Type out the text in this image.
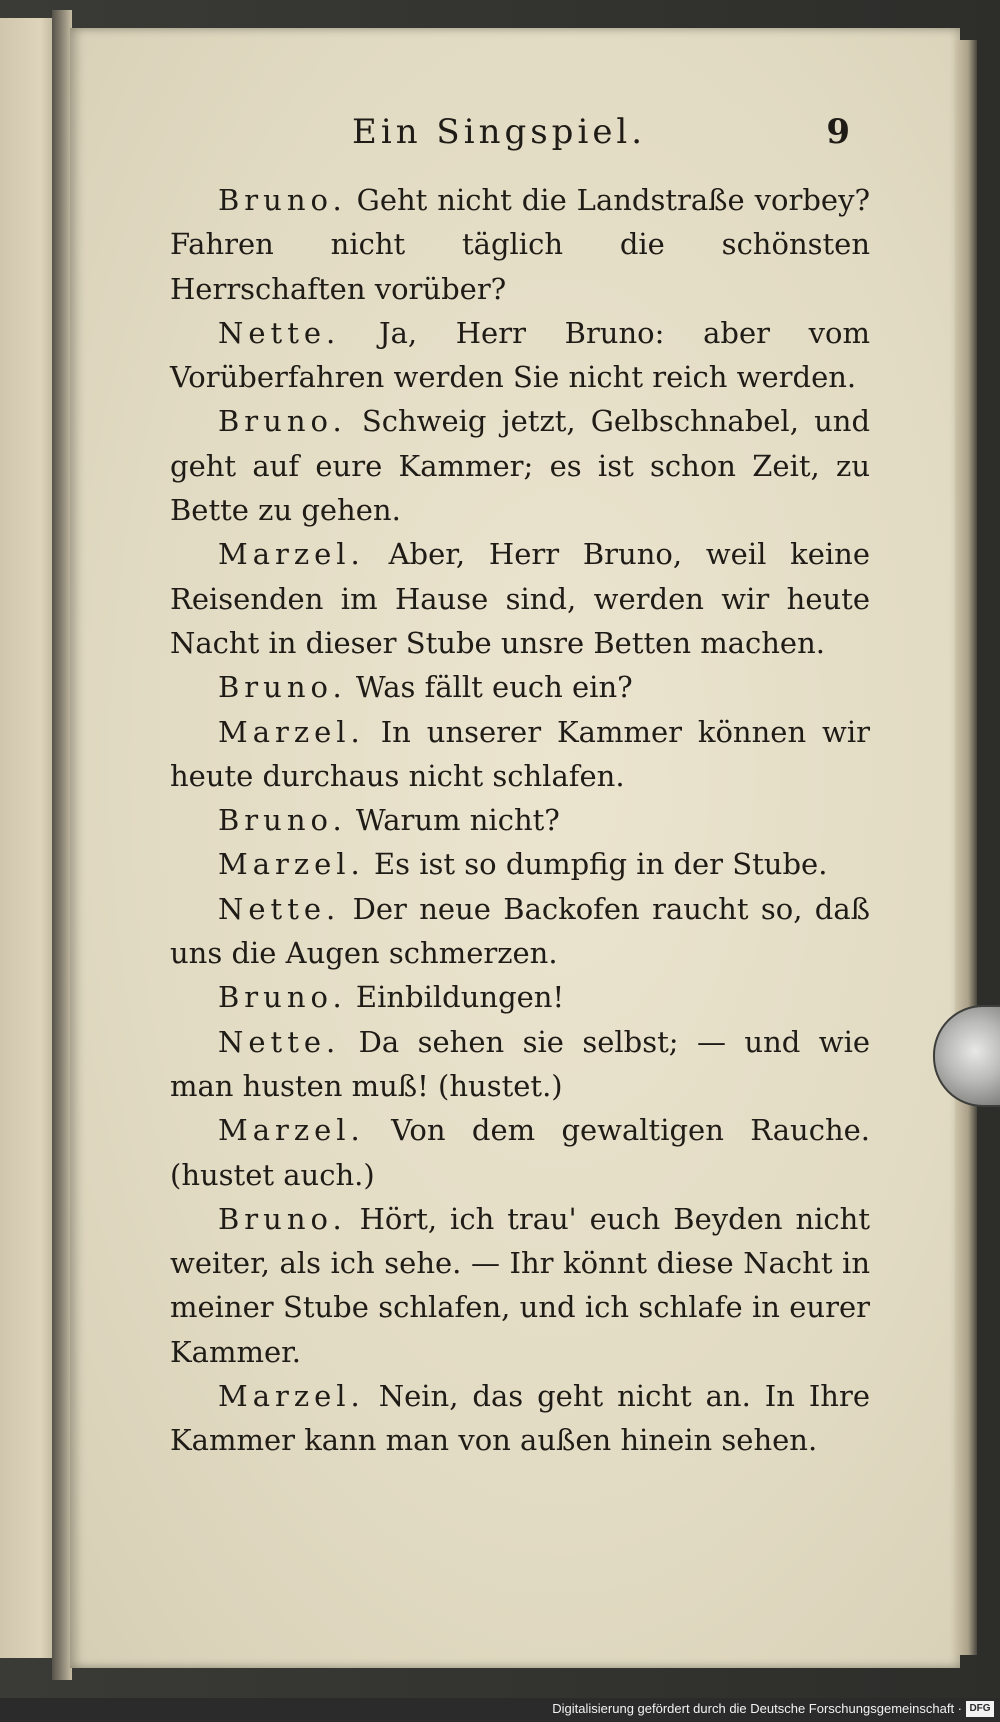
Ein Singspiel.	9

Bruno. Geht nicht die Landstraße vorbey? Fahren nicht täglich die schönsten Herrschaften vorüber?

Nette. Ja, Herr Bruno: aber vom Vorüberfahren werden Sie nicht reich werden.

Bruno. Schweig jetzt, Gelbschnabel, und geht auf eure Kammer; es ist schon Zeit, zu Bette zu gehen.

Marzel. Aber, Herr Bruno, weil keine Reisenden im Hause sind, werden wir heute Nacht in dieser Stube unsre Betten machen.

Bruno. Was fällt euch ein?

Marzel. In unserer Kammer können wir heute durchaus nicht schlafen.

Bruno. Warum nicht?

Marzel. Es ist so dumpfig in der Stube.

Nette. Der neue Backofen raucht so, daß uns die Augen schmerzen.

Bruno. Einbildungen!

Nette. Da sehen sie selbst; — und wie man husten muß! (hustet.)

Marzel. Von dem gewaltigen Rauche. (hustet auch.)

Bruno. Hört, ich trau' euch Beyden nicht weiter, als ich sehe. — Ihr könnt diese Nacht in meiner Stube schlafen, und ich schlafe in eurer Kammer.

Marzel. Nein, das geht nicht an. In Ihre Kammer kann man von außen hinein sehen.

Digitalisierung gefördert durch die Deutsche Forschungsgemeinschaft · DFG
